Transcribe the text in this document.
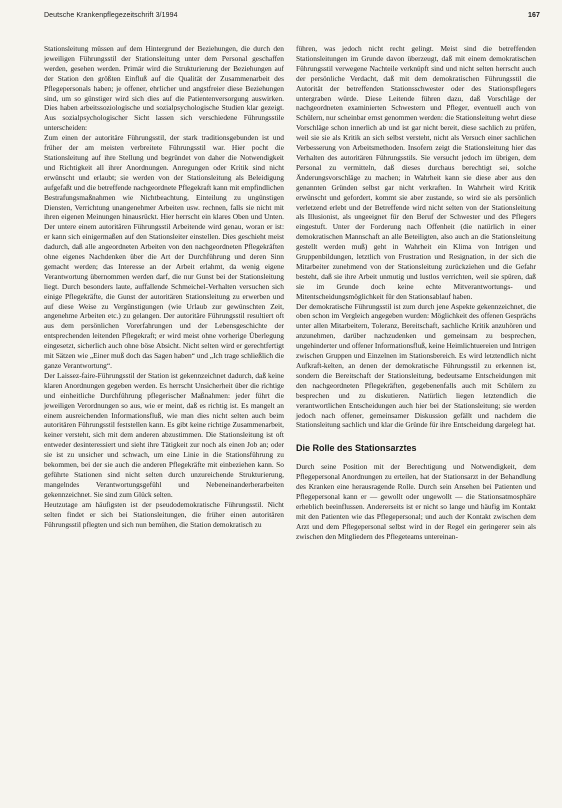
Deutsche Krankenpflegezeitschrift 3/1994	167

Stationsleitung müssen auf dem Hintergrund der Beziehungen, die durch den jeweiligen Führungsstil der Stationsleitung unter dem Personal geschaffen werden, gesehen werden. Primär wird die Strukturierung der Beziehungen auf der Station den größten Einfluß auf die Qualität der Zusammenarbeit des Pflegepersonals haben; je offener, ehrlicher und angstfreier diese Beziehungen sind, um so günstiger wird sich dies auf die Patientenversorgung auswirken. Dies haben arbeitssoziologische und sozialpsychologische Studien klar gezeigt. Aus sozialpsychologischer Sicht lassen sich verschiedene Führungsstile unterscheiden:

Zum einen der autoritäre Führungsstil, der stark traditionsgebunden ist und früher der am meisten verbreitete Führungsstil war. Hier pocht die Stationsleitung auf ihre Stellung und begründet von daher die Notwendigkeit und Richtigkeit all ihrer Anordnungen. Anregungen oder Kritik sind nicht erwünscht und erlaubt; sie werden von der Stationsleitung als Beleidigung aufgefaßt und die betreffende nachgeordnete Pflegekraft kann mit empfindlichen Bestrafungsmaßnahmen wie Nichtbeachtung, Einteilung zu ungünstigen Diensten, Verrichtung unangenehmer Arbeiten usw. rechnen, falls sie nicht mit ihren eigenen Meinungen hinausrückt. Hier herrscht ein klares Oben und Unten. Der untere einem autoritären Führungsstil Arbeitende wird genau, woran er ist: er kann sich einigermaßen auf den Stationsleiter einstellen. Dies geschieht meist dadurch, daß alle angeordneten Arbeiten von den nachgeordneten Pflegekräften ohne eigenes Nachdenken über die Art der Durchführung und deren Sinn gemacht werden; das Interesse an der Arbeit erlahmt, da wenig eigene Verantwortung übernommen werden darf, die nur Gunst bei der Stationsleitung liegt. Durch besonders laute, auffallende Schmeichel-Verhalten versuchen sich einige Pflegekräfte, die Gunst der autoritären Stationsleitung zu erwerben und auf diese Weise zu Vergünstigungen (wie Urlaub zur gewünschten Zeit, angenehme Arbeiten etc.) zu gelangen. Der autoritäre Führungsstil resultiert oft aus dem persönlichen Vorerfahrungen und der Lebensgeschichte der entsprechenden leitenden Pflegekraft; er wird meist ohne vorherige Überlegung eingesetzt, sicherlich auch ohne böse Absicht. Nicht selten wird er gerechtfertigt mit Sätzen wie „Einer muß doch das Sagen haben“ und „Ich trage schließlich die ganze Verantwortung“.

Der Laissez-faire-Führungsstil der Station ist gekennzeichnet dadurch, daß keine klaren Anordnungen gegeben werden. Es herrscht Unsicherheit über die richtige und einheitliche Durchführung pflegerischer Maßnahmen: jeder führt die jeweiligen Verordnungen so aus, wie er meint, daß es richtig ist. Es mangelt an einem ausreichenden Informationsfluß, wie man dies nicht selten auch beim autoritären Führungsstil feststellen kann. Es gibt keine richtige Zusammenarbeit, keiner versteht, sich mit dem anderen abzustimmen. Die Stationsleitung ist oft entweder desinteressiert und sieht ihre Tätigkeit zur noch als einen Job an; oder sie ist zu unsicher und schwach, um eine Linie in die Stationsführung zu bekommen, bei der sie auch die anderen Pflegekräfte mit einbeziehen kann. So geführte Stationen sind nicht selten durch unzureichende Strukturierung, mangelndes Verantwortungsgefühl und Nebeneinanderherarbeiten gekennzeichnet. Sie sind zum Glück selten.

Heutzutage am häufigsten ist der pseudodemokratische Führungsstil. Nicht selten findet er sich bei Stationsleitungen, die früher einen autoritären Führungsstil pflegten und sich nun bemühen, die Station demokratisch zu

führen, was jedoch nicht recht gelingt. Meist sind die betreffenden Stationsleitungen im Grunde davon überzeugt, daß mit einem demokratischen Führungsstil verwegene Nachteile verknüpft sind und nicht selten herrscht auch der persönliche Verdacht, daß mit dem demokratischen Führungsstil die Autorität der betreffenden Stationsschwester oder des Stationspflegers untergraben würde. Diese Leitende führen dazu, daß Vorschläge der nachgeordneten examinierten Schwestern und Pfleger, eventuell auch von Schülern, nur scheinbar ernst genommen werden: die Stationsleitung wehrt diese Vorschläge schon innerlich ab und ist gar nicht bereit, diese sachlich zu prüfen, weil sie sie als Kritik an sich selbst versteht, nicht als Versuch einer sachlichen Verbesserung von Arbeitsmethoden. Insofern zeigt die Stationsleitung hier das Verhalten des autoritären Führungsstils. Sie versucht jedoch im übrigen, dem Personal zu vermitteln, daß dieses durchaus berechtigt sei, solche Änderungsvorschläge zu machen; in Wahrheit kann sie diese aber aus den genannten Gründen selbst gar nicht verkraften. In Wahrheit wird Kritik erwünscht und gefordert, kommt sie aber zustande, so wird sie als persönlich verletzend erlebt und der Betreffende wird nicht selten von der Stationsleitung als Illusionist, als ungeeignet für den Beruf der Schwester und des Pflegers eingestuft. Unter der Forderung nach Offenheit (die natürlich in einer demokratischen Mannschaft an alle Beteiligten, also auch an die Stationsleitung gestellt werden muß) geht in Wahrheit ein Klima von Intrigen und Gruppenbildungen, letztlich von Frustration und Resignation, in der sich die Mitarbeiter zunehmend von der Stationsleitung zurückziehen und die Gefahr besteht, daß sie ihre Arbeit unmutig und lustlos verrichten, weil sie spüren, daß sie im Grunde doch keine echte Mitverantwortungs- und Mitentscheidungsmöglichkeit für den Stationsablauf haben.

Der demokratische Führungsstil ist zum durch jene Aspekte gekennzeichnet, die oben schon im Vergleich angegeben wurden: Möglichkeit des offenen Gesprächs unter allen Mitarbeitern, Toleranz, Bereitschaft, sachliche Kritik anzuhören und anzunehmen, darüber nachzudenken und gemeinsam zu besprechen, ungehinderter und offener Informationsfluß, keine Heimlichtuereien und Intrigen zwischen Gruppen und Einzelnen im Stationsbereich. Es wird letztendlich nicht Aufkraft-kelten, an denen der demokratische Führungsstil zu erkennen ist, sondern die Bereitschaft der Stationsleitung, bedeutsame Entscheidungen mit den nachgeordneten Pflegekräften, gegebenenfalls auch mit Schülern zu besprechen und zu diskutieren. Natürlich liegen letztendlich die verantwortlichen Entscheidungen auch hier bei der Stationsleitung; sie werden jedoch nach offener, gemeinsamer Diskussion gefällt und nachdem die Stationsleitung sachlich und klar die Gründe für ihre Entscheidung dargelegt hat.

Die Rolle des Stationsarztes

Durch seine Position mit der Berechtigung und Notwendigkeit, dem Pflegepersonal Anordnungen zu erteilen, hat der Stationsarzt in der Behandlung des Kranken eine herausragende Rolle. Durch sein Ansehen bei Patienten und Pflegepersonal kann er — gewollt oder ungewollt — die Stationsatmosphäre erheblich beeinflussen. Andererseits ist er nicht so lange und häufig im Kontakt mit den Patienten wie das Pflegepersonal; und auch der Kontakt zwischen dem Arzt und dem Pflegepersonal selbst wird in der Regel ein geringerer sein als zwischen den Mitgliedern des Pflegeteams untereinan-
